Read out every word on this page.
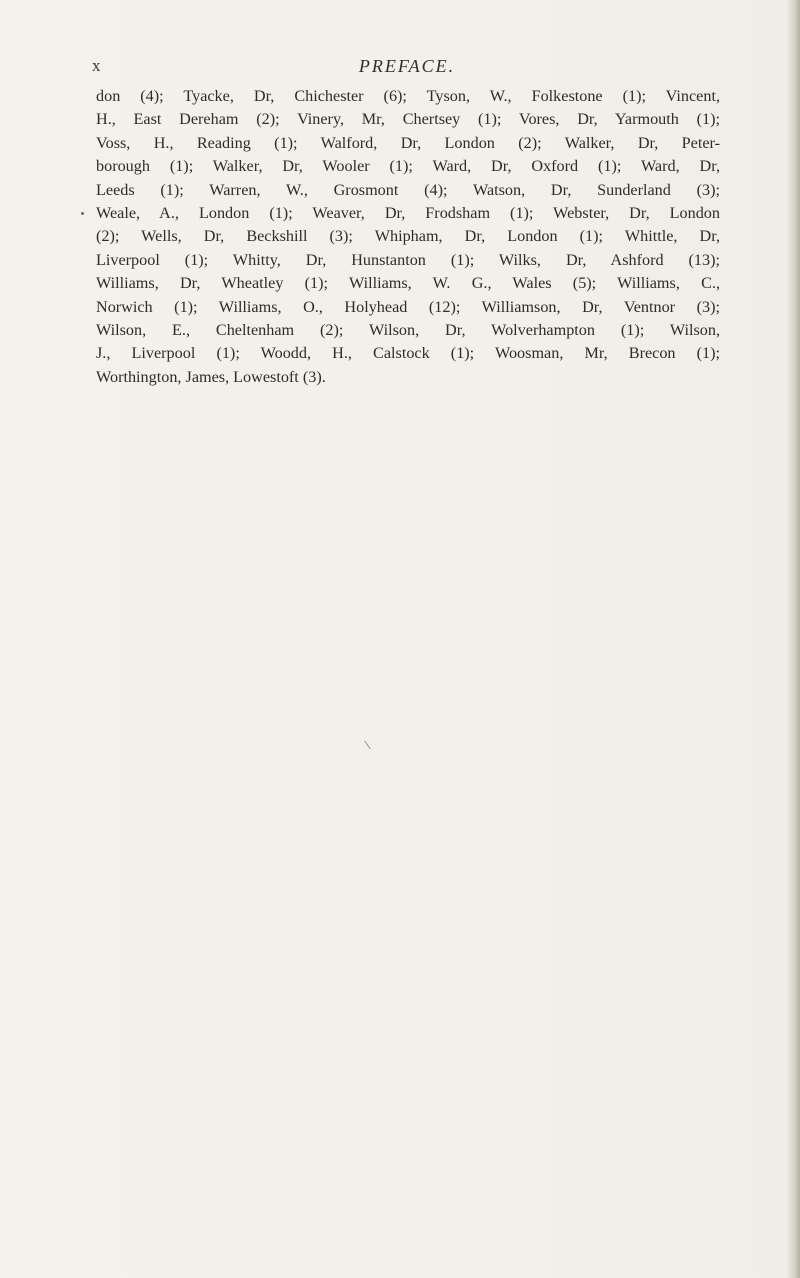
x	PREFACE.
don (4); Tyacke, Dr, Chichester (6); Tyson, W., Folkestone (1); Vincent,
H., East Dereham (2); Vinery, Mr, Chertsey (1); Vores, Dr, Yarmouth (1);
Voss, H., Reading (1); Walford, Dr, London (2); Walker, Dr, Peter-
borough (1); Walker, Dr, Wooler (1); Ward, Dr, Oxford (1); Ward, Dr,
Leeds (1); Warren, W., Grosmont (4); Watson, Dr, Sunderland (3);
Weale, A., London (1); Weaver, Dr, Frodsham (1); Webster, Dr, London
(2); Wells, Dr, Beckshill (3); Whipham, Dr, London (1); Whittle, Dr,
Liverpool (1); Whitty, Dr, Hunstanton (1); Wilks, Dr, Ashford (13);
Williams, Dr, Wheatley (1); Williams, W. G., Wales (5); Williams, C.,
Norwich (1); Williams, O., Holyhead (12); Williamson, Dr, Ventnor (3);
Wilson, E., Cheltenham (2); Wilson, Dr, Wolverhampton (1); Wilson,
J., Liverpool (1); Woodd, H., Calstock (1); Woosman, Mr, Brecon (1);
Worthington, James, Lowestoft (3).
